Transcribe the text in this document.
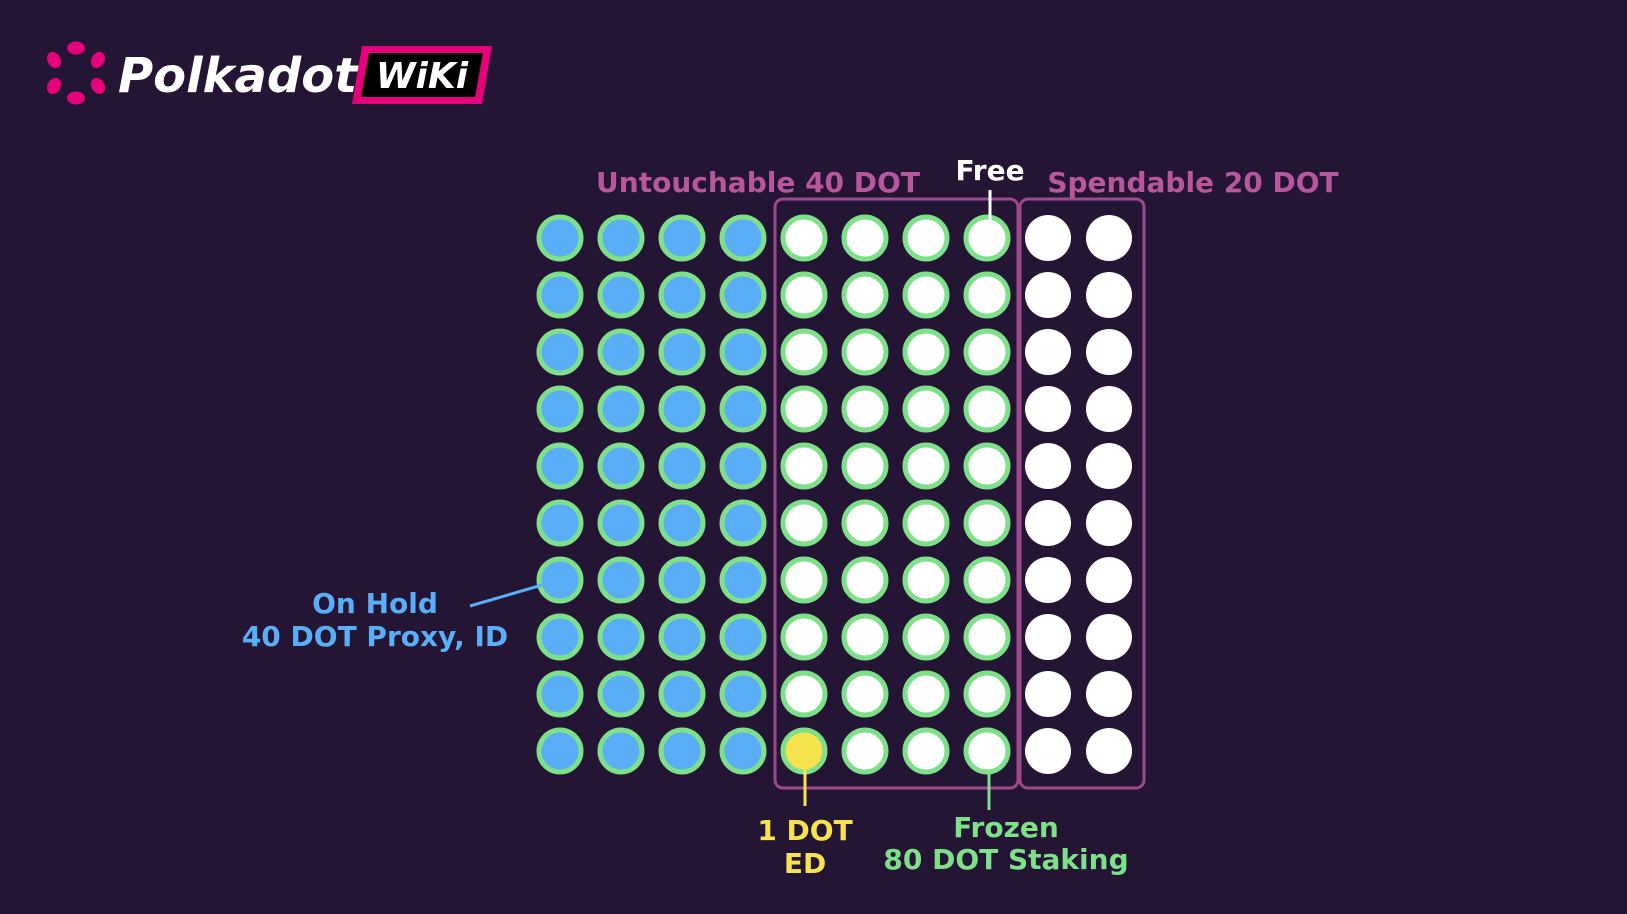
Polkadot WiKi
Untouchable 40 DOT Free Spendable 20 DOT
On Hold
40 DOT Proxy, ID
1 DOT
ED
Frozen
80 DOT Staking
